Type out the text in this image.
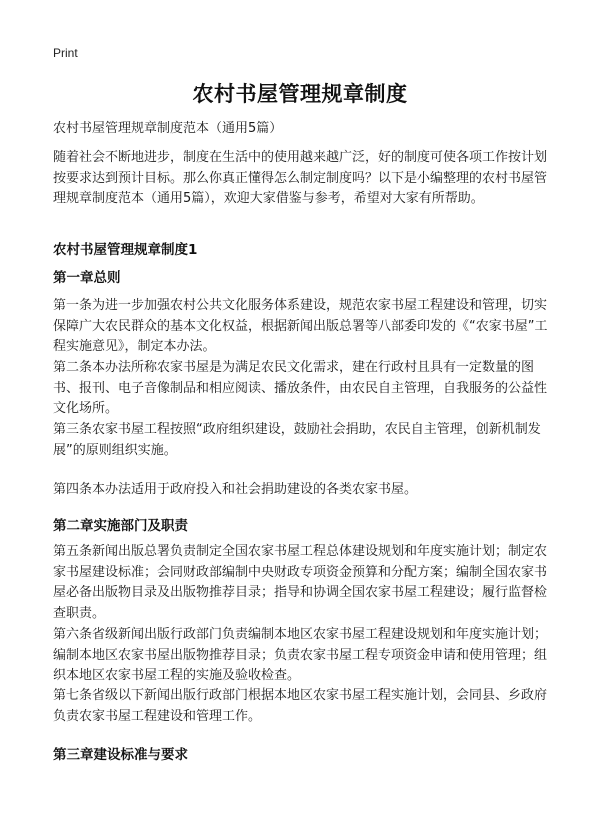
Print
农村书屋管理规章制度

农村书屋管理规章制度范本（通用5篇）

随着社会不断地进步，制度在生活中的使用越来越广泛，好的制度可使各项工作按计划按要求达到预计目标。那么你真正懂得怎么制定制度吗？以下是小编整理的农村书屋管理规章制度范本（通用5篇），欢迎大家借鉴与参考，希望对大家有所帮助。

农村书屋管理规章制度1

第一章总则

第一条为进一步加强农村公共文化服务体系建设，规范农家书屋工程建设和管理，切实保障广大农民群众的基本文化权益，根据新闻出版总署等八部委印发的《“农家书屋”工程实施意见》，制定本办法。

第二条本办法所称农家书屋是为满足农民文化需求，建在行政村且具有一定数量的图书、报刊、电子音像制品和相应阅读、播放条件，由农民自主管理，自我服务的公益性文化场所。

第三条农家书屋工程按照“政府组织建设，鼓励社会捐助，农民自主管理，创新机制发展”的原则组织实施。

第四条本办法适用于政府投入和社会捐助建设的各类农家书屋。

第二章实施部门及职责

第五条新闻出版总署负责制定全国农家书屋工程总体建设规划和年度实施计划；制定农家书屋建设标准；会同财政部编制中央财政专项资金预算和分配方案；编制全国农家书屋必备出版物目录及出版物推荐目录；指导和协调全国农家书屋工程建设；履行监督检查职责。

第六条省级新闻出版行政部门负责编制本地区农家书屋工程建设规划和年度实施计划；编制本地区农家书屋出版物推荐目录；负责农家书屋工程专项资金申请和使用管理；组织本地区农家书屋工程的实施及验收检查。

第七条省级以下新闻出版行政部门根据本地区农家书屋工程实施计划，会同县、乡政府负责农家书屋工程建设和管理工作。

第三章建设标准与要求
